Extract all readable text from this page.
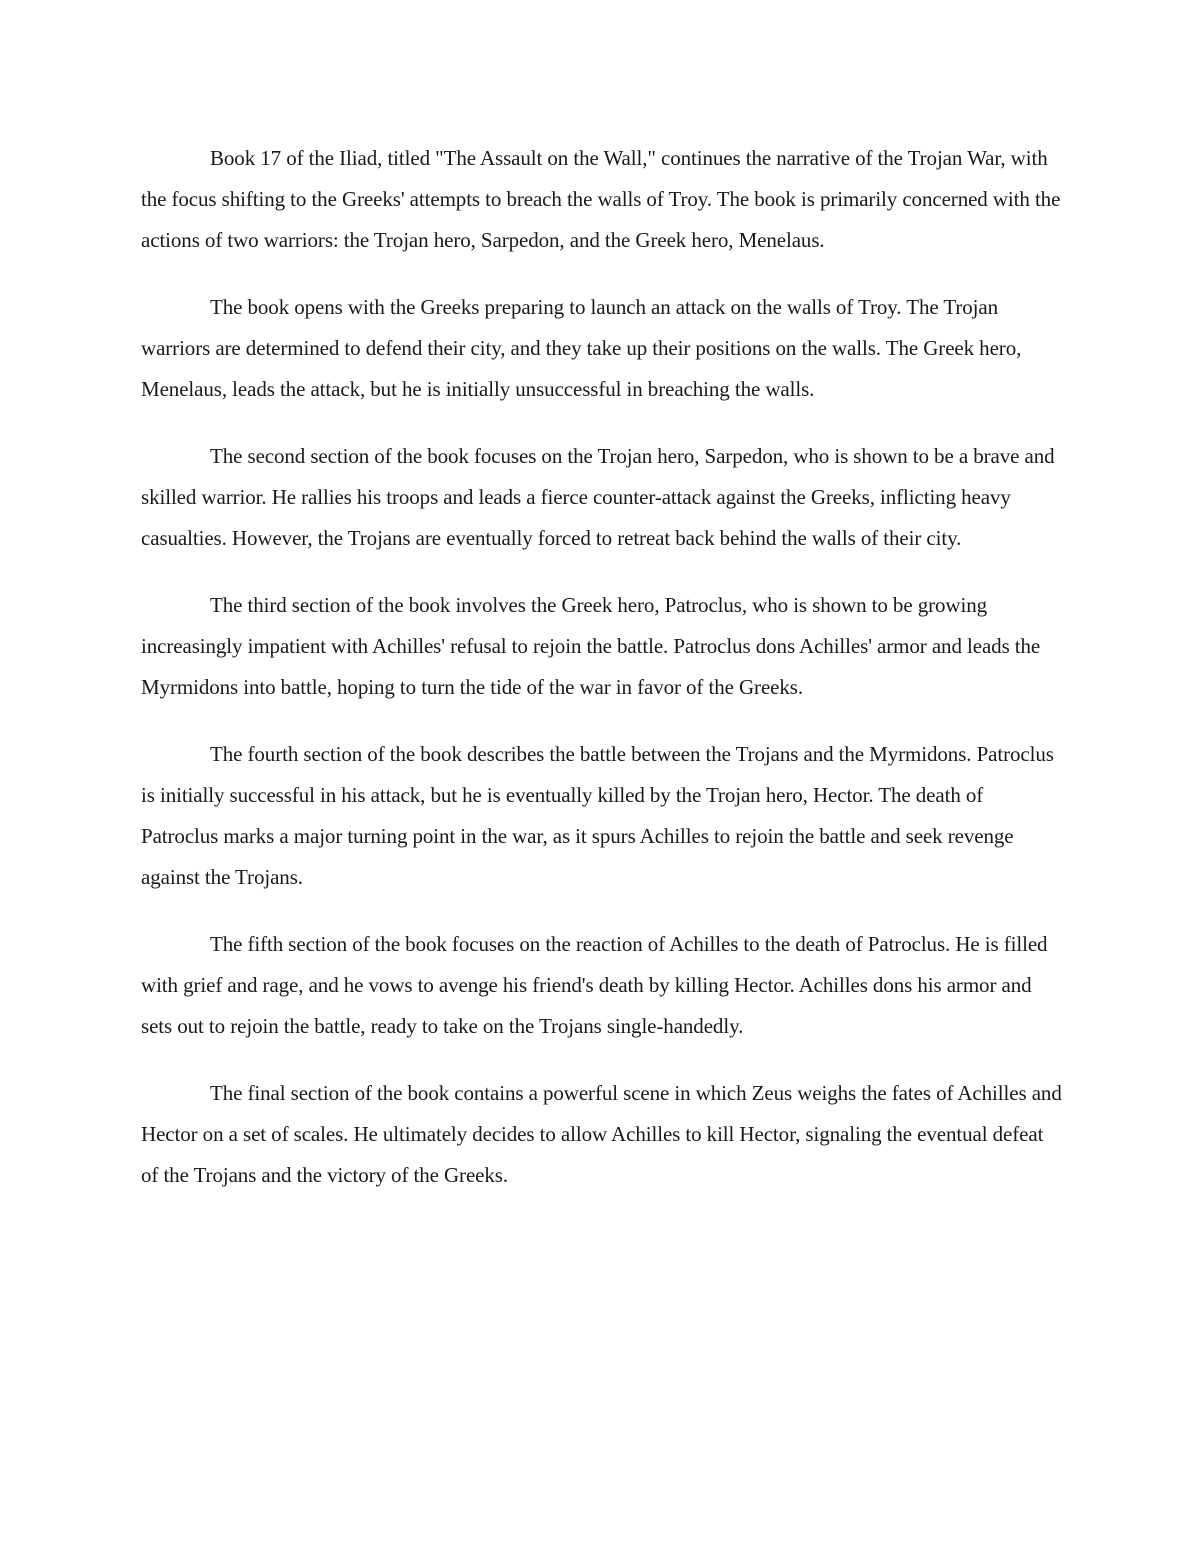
Book 17 of the Iliad, titled "The Assault on the Wall," continues the narrative of the Trojan War, with the focus shifting to the Greeks' attempts to breach the walls of Troy. The book is primarily concerned with the actions of two warriors: the Trojan hero, Sarpedon, and the Greek hero, Menelaus.

The book opens with the Greeks preparing to launch an attack on the walls of Troy. The Trojan warriors are determined to defend their city, and they take up their positions on the walls. The Greek hero, Menelaus, leads the attack, but he is initially unsuccessful in breaching the walls.

The second section of the book focuses on the Trojan hero, Sarpedon, who is shown to be a brave and skilled warrior. He rallies his troops and leads a fierce counter-attack against the Greeks, inflicting heavy casualties. However, the Trojans are eventually forced to retreat back behind the walls of their city.

The third section of the book involves the Greek hero, Patroclus, who is shown to be growing increasingly impatient with Achilles' refusal to rejoin the battle. Patroclus dons Achilles' armor and leads the Myrmidons into battle, hoping to turn the tide of the war in favor of the Greeks.

The fourth section of the book describes the battle between the Trojans and the Myrmidons. Patroclus is initially successful in his attack, but he is eventually killed by the Trojan hero, Hector. The death of Patroclus marks a major turning point in the war, as it spurs Achilles to rejoin the battle and seek revenge against the Trojans.

The fifth section of the book focuses on the reaction of Achilles to the death of Patroclus. He is filled with grief and rage, and he vows to avenge his friend's death by killing Hector. Achilles dons his armor and sets out to rejoin the battle, ready to take on the Trojans single-handedly.

The final section of the book contains a powerful scene in which Zeus weighs the fates of Achilles and Hector on a set of scales. He ultimately decides to allow Achilles to kill Hector, signaling the eventual defeat of the Trojans and the victory of the Greeks.
